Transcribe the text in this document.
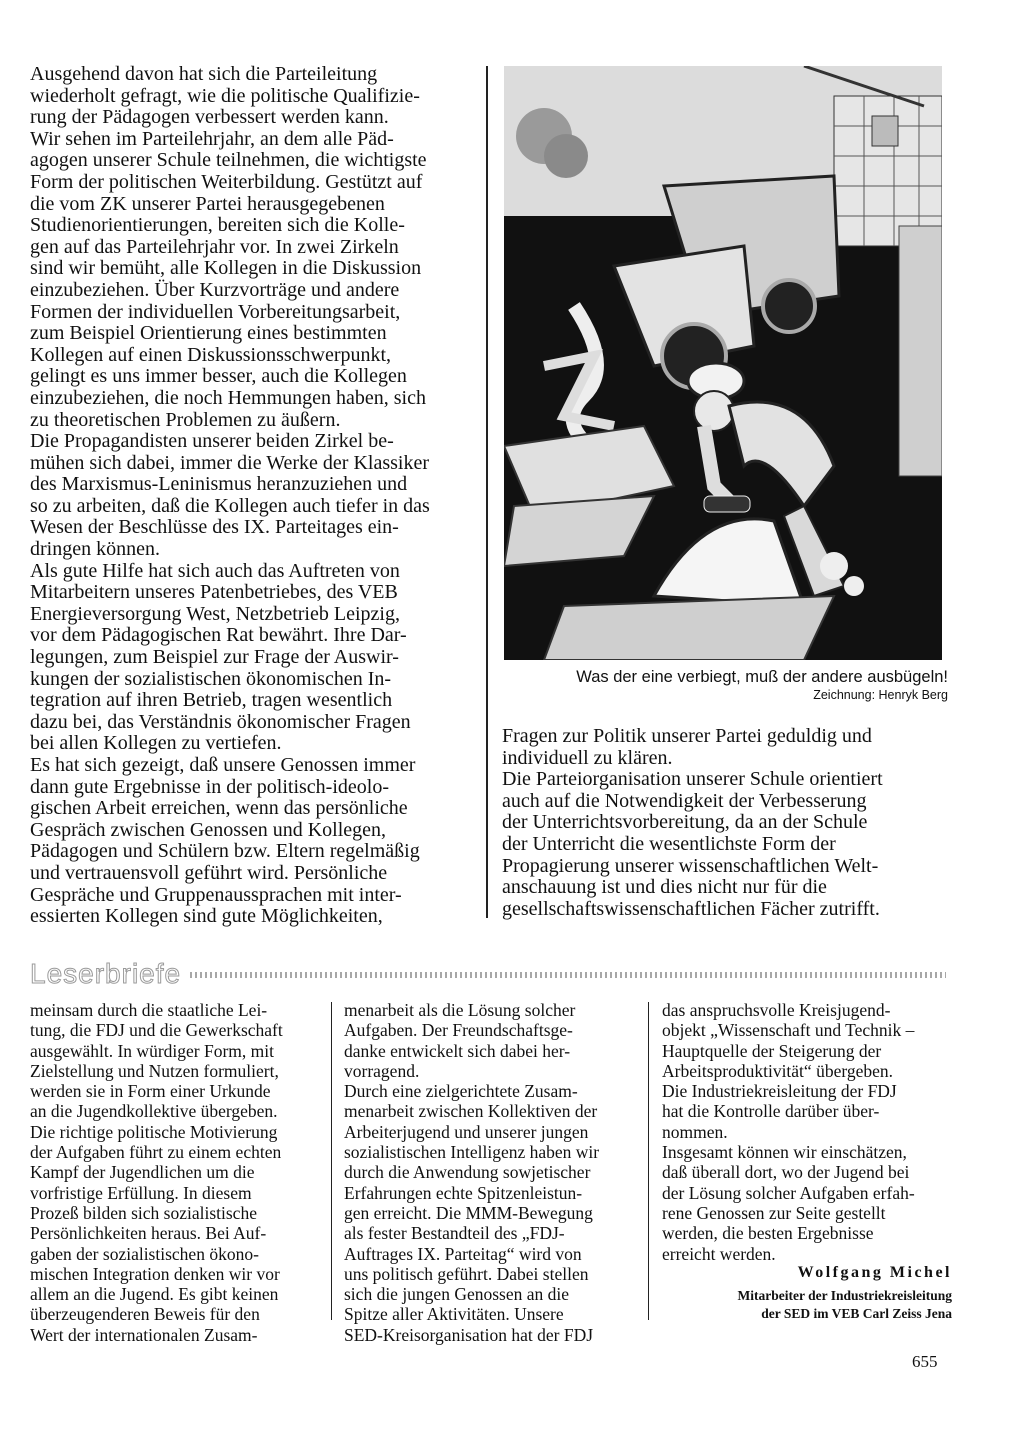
Ausgehend davon hat sich die Parteileitung
wiederholt gefragt, wie die politische Qualifizie-
rung der Pädagogen verbessert werden kann.

Wir sehen im Parteilehrjahr, an dem alle Päd-
agogen unserer Schule teilnehmen, die wichtigste
Form der politischen Weiterbildung. Gestützt auf
die vom ZK unserer Partei herausgegebenen
Studienorientierungen, bereiten sich die Kolle-
gen auf das Parteilehrjahr vor. In zwei Zirkeln
sind wir bemüht, alle Kollegen in die Diskussion
einzubeziehen. Über Kurzvorträge und andere
Formen der individuellen Vorbereitungsarbeit,
zum Beispiel Orientierung eines bestimmten
Kollegen auf einen Diskussionsschwerpunkt,
gelingt es uns immer besser, auch die Kollegen
einzubeziehen, die noch Hemmungen haben, sich
zu theoretischen Problemen zu äußern.

Die Propagandisten unserer beiden Zirkel be-
mühen sich dabei, immer die Werke der Klassiker
des Marxismus-Leninismus heranzuziehen und
so zu arbeiten, daß die Kollegen auch tiefer in das
Wesen der Beschlüsse des IX. Parteitages ein-
dringen können.

Als gute Hilfe hat sich auch das Auftreten von
Mitarbeitern unseres Patenbetriebes, des VEB
Energieversorgung West, Netzbetrieb Leipzig,
vor dem Pädagogischen Rat bewährt. Ihre Dar-
legungen, zum Beispiel zur Frage der Auswir-
kungen der sozialistischen ökonomischen In-
tegration auf ihren Betrieb, tragen wesentlich
dazu bei, das Verständnis ökonomischer Fragen
bei allen Kollegen zu vertiefen.

Es hat sich gezeigt, daß unsere Genossen immer
dann gute Ergebnisse in der politisch-ideolo-
gischen Arbeit erreichen, wenn das persönliche
Gespräch zwischen Genossen und Kollegen,
Pädagogen und Schülern bzw. Eltern regelmäßig
und vertrauensvoll geführt wird. Persönliche
Gespräche und Gruppenaussprachen mit inter-
essierten Kollegen sind gute Möglichkeiten,

Was der eine verbiegt, muß der andere ausbügeln!
Zeichnung: Henryk Berg

Fragen zur Politik unserer Partei geduldig und
individuell zu klären.

Die Parteiorganisation unserer Schule orientiert
auch auf die Notwendigkeit der Verbesserung
der Unterrichtsvorbereitung, da an der Schule
der Unterricht die wesentlichste Form der
Propagierung unserer wissenschaftlichen Welt-
anschauung ist und dies nicht nur für die
gesellschaftswissenschaftlichen Fächer zutrifft.

Leserbriefe

meinsam durch die staatliche Lei-
tung, die FDJ und die Gewerkschaft
ausgewählt. In würdiger Form, mit
Zielstellung und Nutzen formuliert,
werden sie in Form einer Urkunde
an die Jugendkollektive übergeben.
Die richtige politische Motivierung
der Aufgaben führt zu einem echten
Kampf der Jugendlichen um die
vorfristige Erfüllung. In diesem
Prozeß bilden sich sozialistische
Persönlichkeiten heraus. Bei Auf-
gaben der sozialistischen ökono-
mischen Integration denken wir vor
allem an die Jugend. Es gibt keinen
überzeugenderen Beweis für den
Wert der internationalen Zusam-

menarbeit als die Lösung solcher
Aufgaben. Der Freundschaftsge-
danke entwickelt sich dabei her-
vorragend.
Durch eine zielgerichtete Zusam-
menarbeit zwischen Kollektiven der
Arbeiterjugend und unserer jungen
sozialistischen Intelligenz haben wir
durch die Anwendung sowjetischer
Erfahrungen echte Spitzenleistun-
gen erreicht. Die MMM-Bewegung
als fester Bestandteil des „FDJ-
Auftrages IX. Parteitag“ wird von
uns politisch geführt. Dabei stellen
sich die jungen Genossen an die
Spitze aller Aktivitäten. Unsere
SED-Kreisorganisation hat der FDJ

das anspruchsvolle Kreisjugend-
objekt „Wissenschaft und Technik –
Hauptquelle der Steigerung der
Arbeitsproduktivität“ übergeben.
Die Industriekreisleitung der FDJ
hat die Kontrolle darüber über-
nommen.
Insgesamt können wir einschätzen,
daß überall dort, wo der Jugend bei
der Lösung solcher Aufgaben erfah-
rene Genossen zur Seite gestellt
werden, die besten Ergebnisse
erreicht werden.

Wolfgang Michel
Mitarbeiter der Industriekreisleitung
der SED im VEB Carl Zeiss Jena
655
